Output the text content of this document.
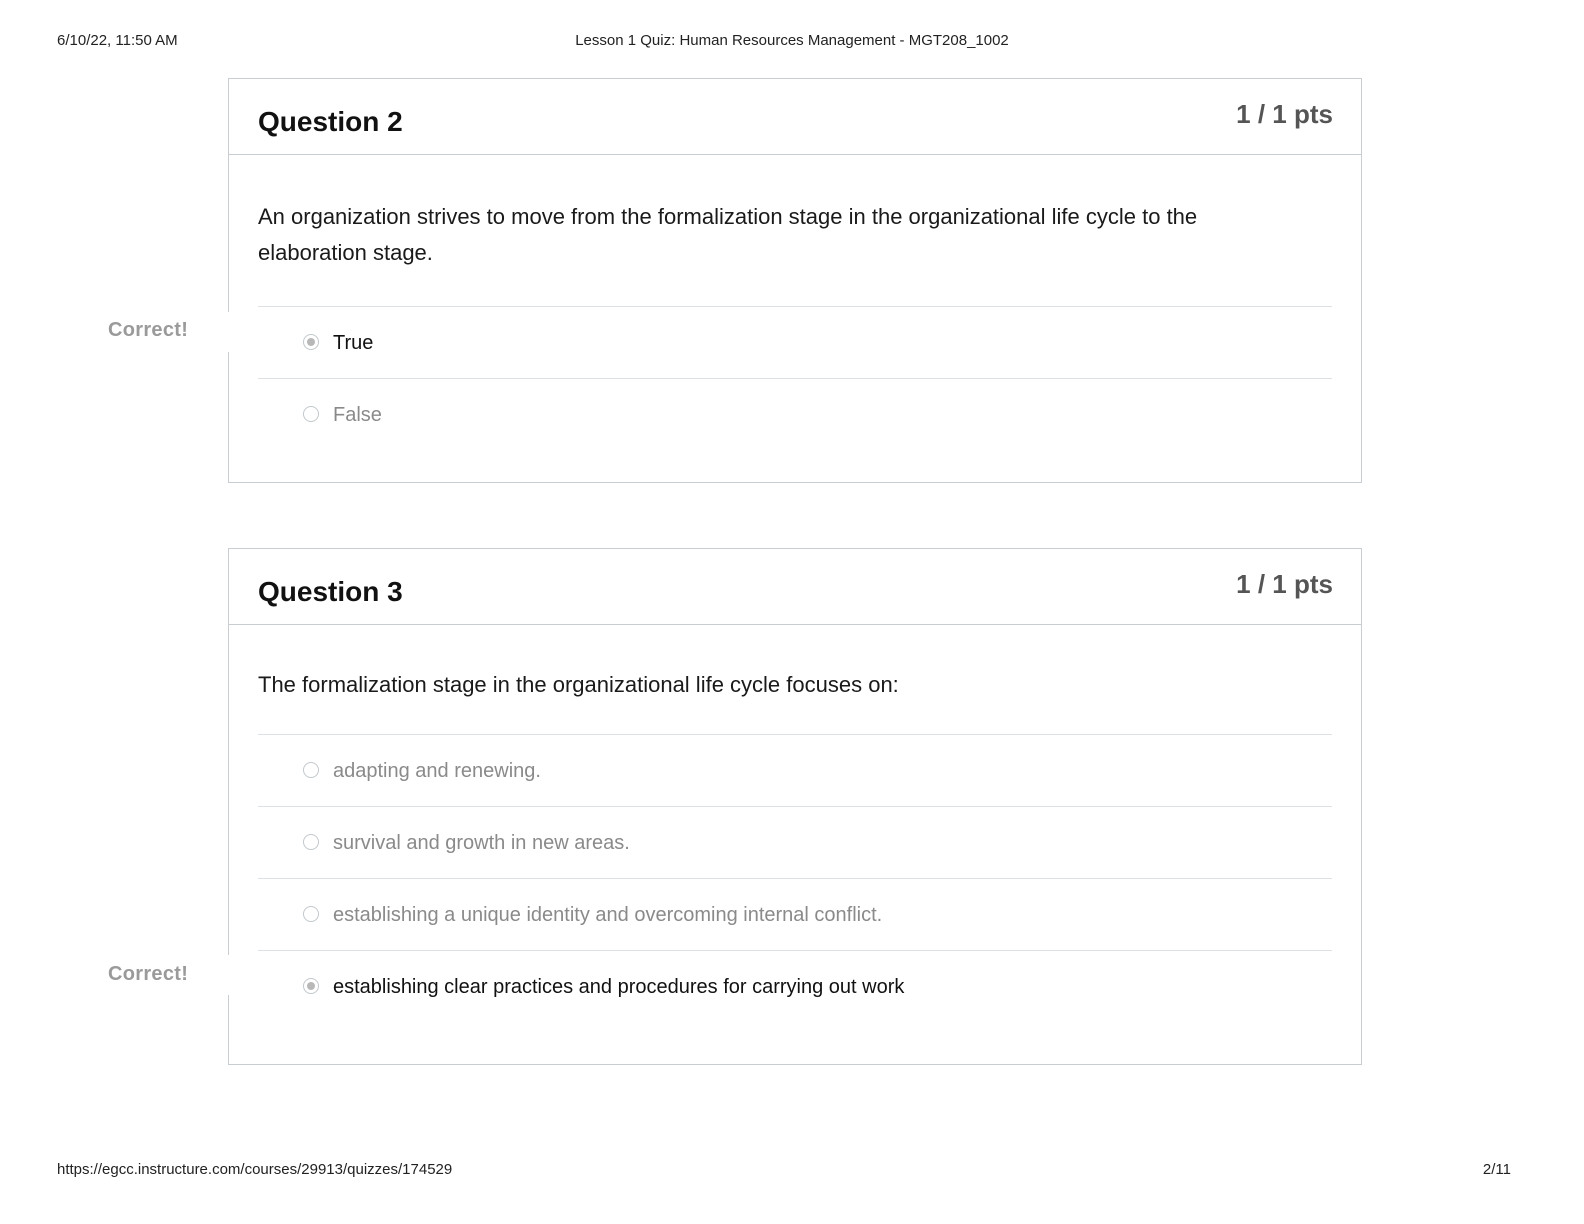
6/10/22, 11:50 AM	Lesson 1 Quiz: Human Resources Management - MGT208_1002
Question 2	1 / 1 pts
An organization strives to move from the formalization stage in the organizational life cycle to the elaboration stage.
True
False
Correct!
Question 3	1 / 1 pts
The formalization stage in the organizational life cycle focuses on:
adapting and renewing.
survival and growth in new areas.
establishing a unique identity and overcoming internal conflict.
establishing clear practices and procedures for carrying out work
Correct!
https://egcc.instructure.com/courses/29913/quizzes/174529	2/11
